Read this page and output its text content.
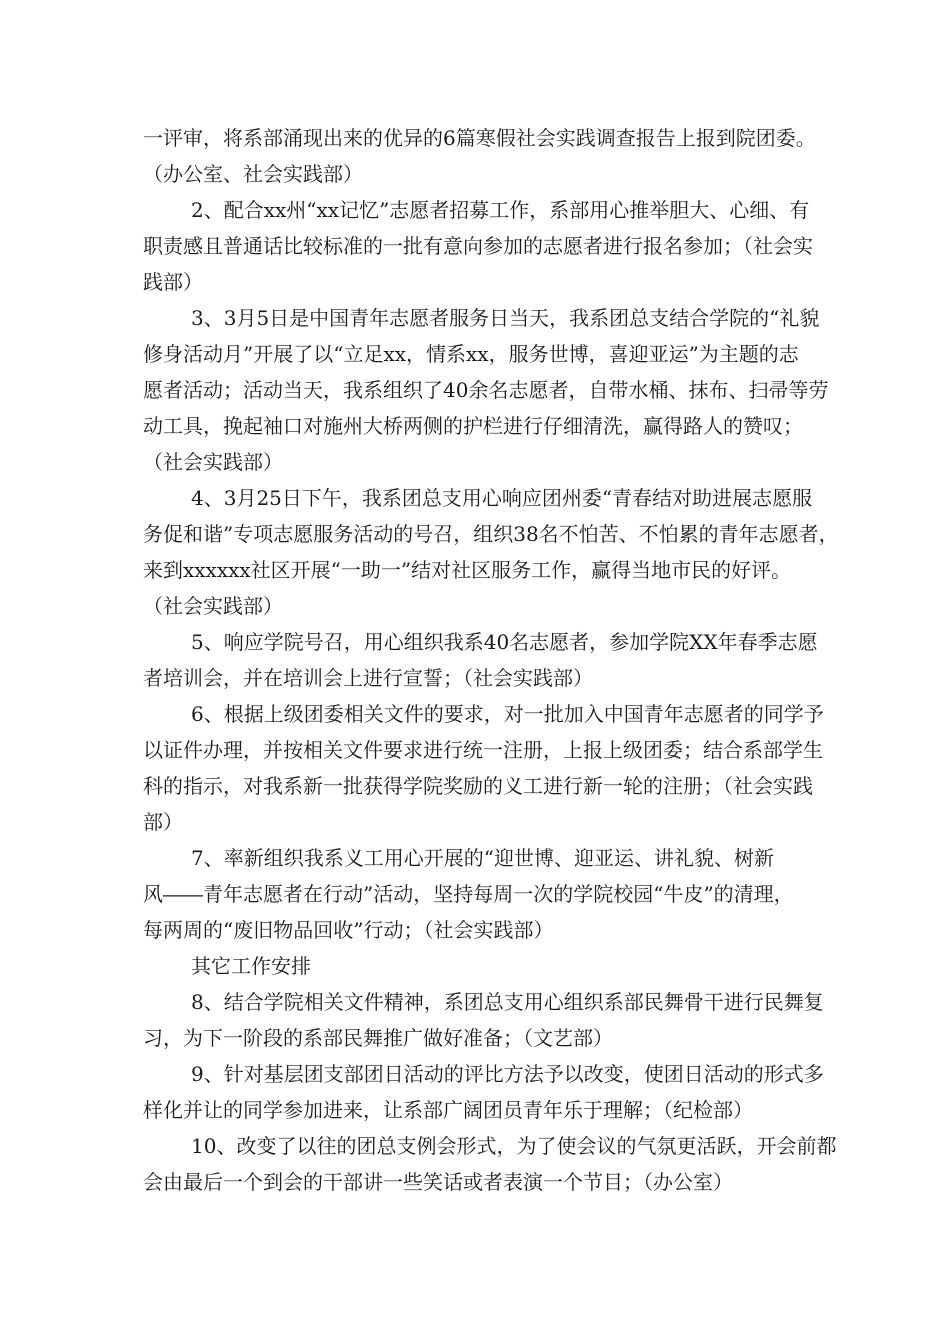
一评审，将系部涌现出来的优异的6篇寒假社会实践调查报告上报到院团委。

（办公室、社会实践部）

2、配合xx州“xx记忆”志愿者招募工作，系部用心推举胆大、心细、有

职责感且普通话比较标准的一批有意向参加的志愿者进行报名参加；（社会实

践部）

3、3月5日是中国青年志愿者服务日当天，我系团总支结合学院的“礼貌

修身活动月”开展了以“立足xx，情系xx，服务世博，喜迎亚运”为主题的志

愿者活动；活动当天，我系组织了40余名志愿者，自带水桶、抹布、扫帚等劳

动工具，挽起袖口对施州大桥两侧的护栏进行仔细清洗，赢得路人的赞叹；

（社会实践部）

4、3月25日下午，我系团总支用心响应团州委“青春结对助进展志愿服

务促和谐”专项志愿服务活动的号召，组织38名不怕苦、不怕累的青年志愿者，

来到xxxxxx社区开展“一助一”结对社区服务工作，赢得当地市民的好评。

（社会实践部）

5、响应学院号召，用心组织我系40名志愿者，参加学院XX年春季志愿

者培训会，并在培训会上进行宣誓；（社会实践部）

6、根据上级团委相关文件的要求，对一批加入中国青年志愿者的同学予

以证件办理，并按相关文件要求进行统一注册，上报上级团委；结合系部学生

科的指示，对我系新一批获得学院奖励的义工进行新一轮的注册；（社会实践

部）

7、率新组织我系义工用心开展的“迎世博、迎亚运、讲礼貌、树新

风――青年志愿者在行动”活动，坚持每周一次的学院校园“牛皮”的清理，

每两周的“废旧物品回收”行动；（社会实践部）

其它工作安排

8、结合学院相关文件精神，系团总支用心组织系部民舞骨干进行民舞复

习，为下一阶段的系部民舞推广做好准备；（文艺部）

9、针对基层团支部团日活动的评比方法予以改变，使团日活动的形式多

样化并让的同学参加进来，让系部广阔团员青年乐于理解；（纪检部）

10、改变了以往的团总支例会形式，为了使会议的气氛更活跃，开会前都

会由最后一个到会的干部讲一些笑话或者表演一个节目；（办公室）
